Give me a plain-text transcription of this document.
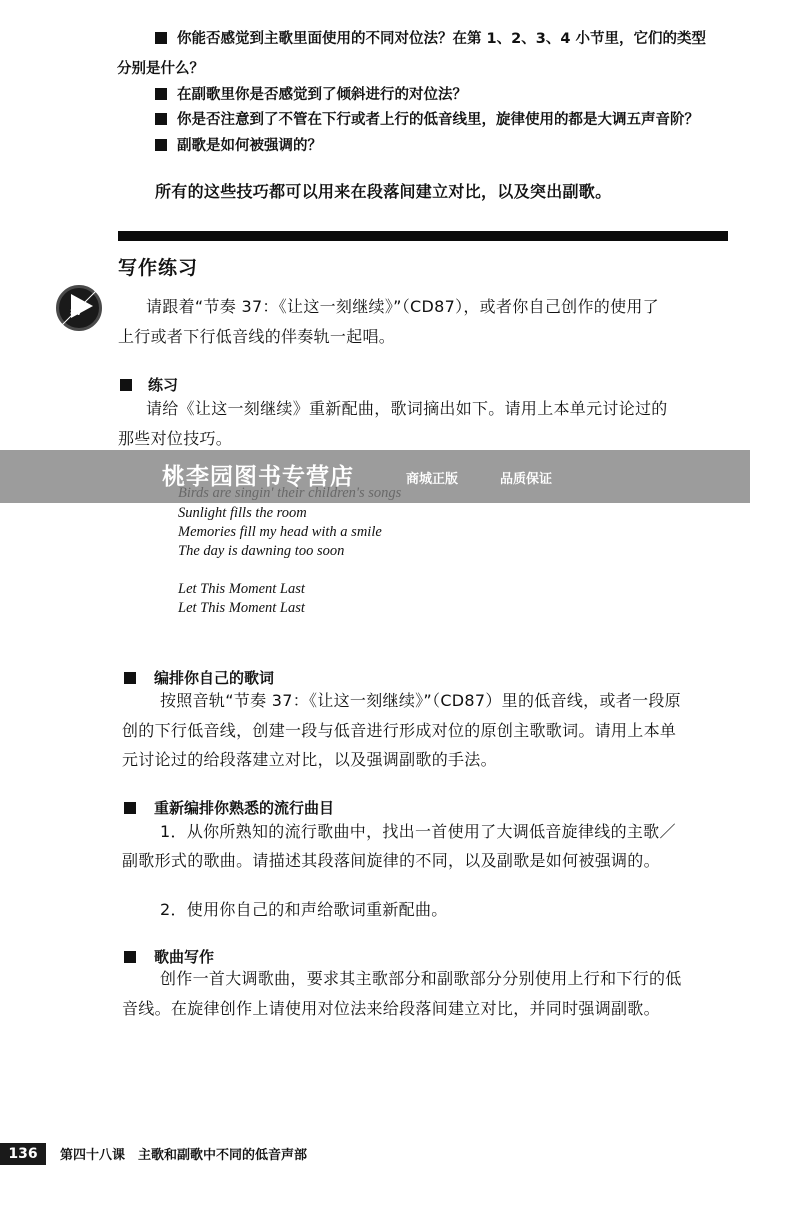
你能否感觉到主歌里面使用的不同对位法？在第 1、2、3、4 小节里，它们的类型
分别是什么？
在副歌里你是否感觉到了倾斜进行的对位法？
你是否注意到了不管在下行或者上行的低音线里，旋律使用的都是大调五声音阶？
副歌是如何被强调的？
所有的这些技巧都可以用来在段落间建立对比，以及突出副歌。
写作练习
87	请跟着“节奏 37：《让这一刻继续》”（CD87），或者你自己创作的使用了
上行或者下行低音线的伴奏轨一起唱。
练习
请给《让这一刻继续》重新配曲，歌词摘出如下。请用上本单元讨论过的
那些对位技巧。
Sunlight fills the room
Memories fill my head with a smile
The day is dawning too soon
Let This Moment Last
Let This Moment Last
桃李园图书专营店	商城正版	品质保证
编排你自己的歌词
按照音轨“节奏 37：《让这一刻继续》”（CD87）里的低音线，或者一段原
创的下行低音线，创建一段与低音进行形成对位的原创主歌歌词。请用上本单
元讨论过的给段落建立对比，以及强调副歌的手法。
重新编排你熟悉的流行曲目
1．从你所熟知的流行歌曲中，找出一首使用了大调低音旋律线的主歌／
副歌形式的歌曲。请描述其段落间旋律的不同，以及副歌是如何被强调的。
2．使用你自己的和声给歌词重新配曲。
歌曲写作
创作一首大调歌曲，要求其主歌部分和副歌部分分别使用上行和下行的低
音线。在旋律创作上请使用对位法来给段落间建立对比，并同时强调副歌。
136	第四十八课　主歌和副歌中不同的低音声部
